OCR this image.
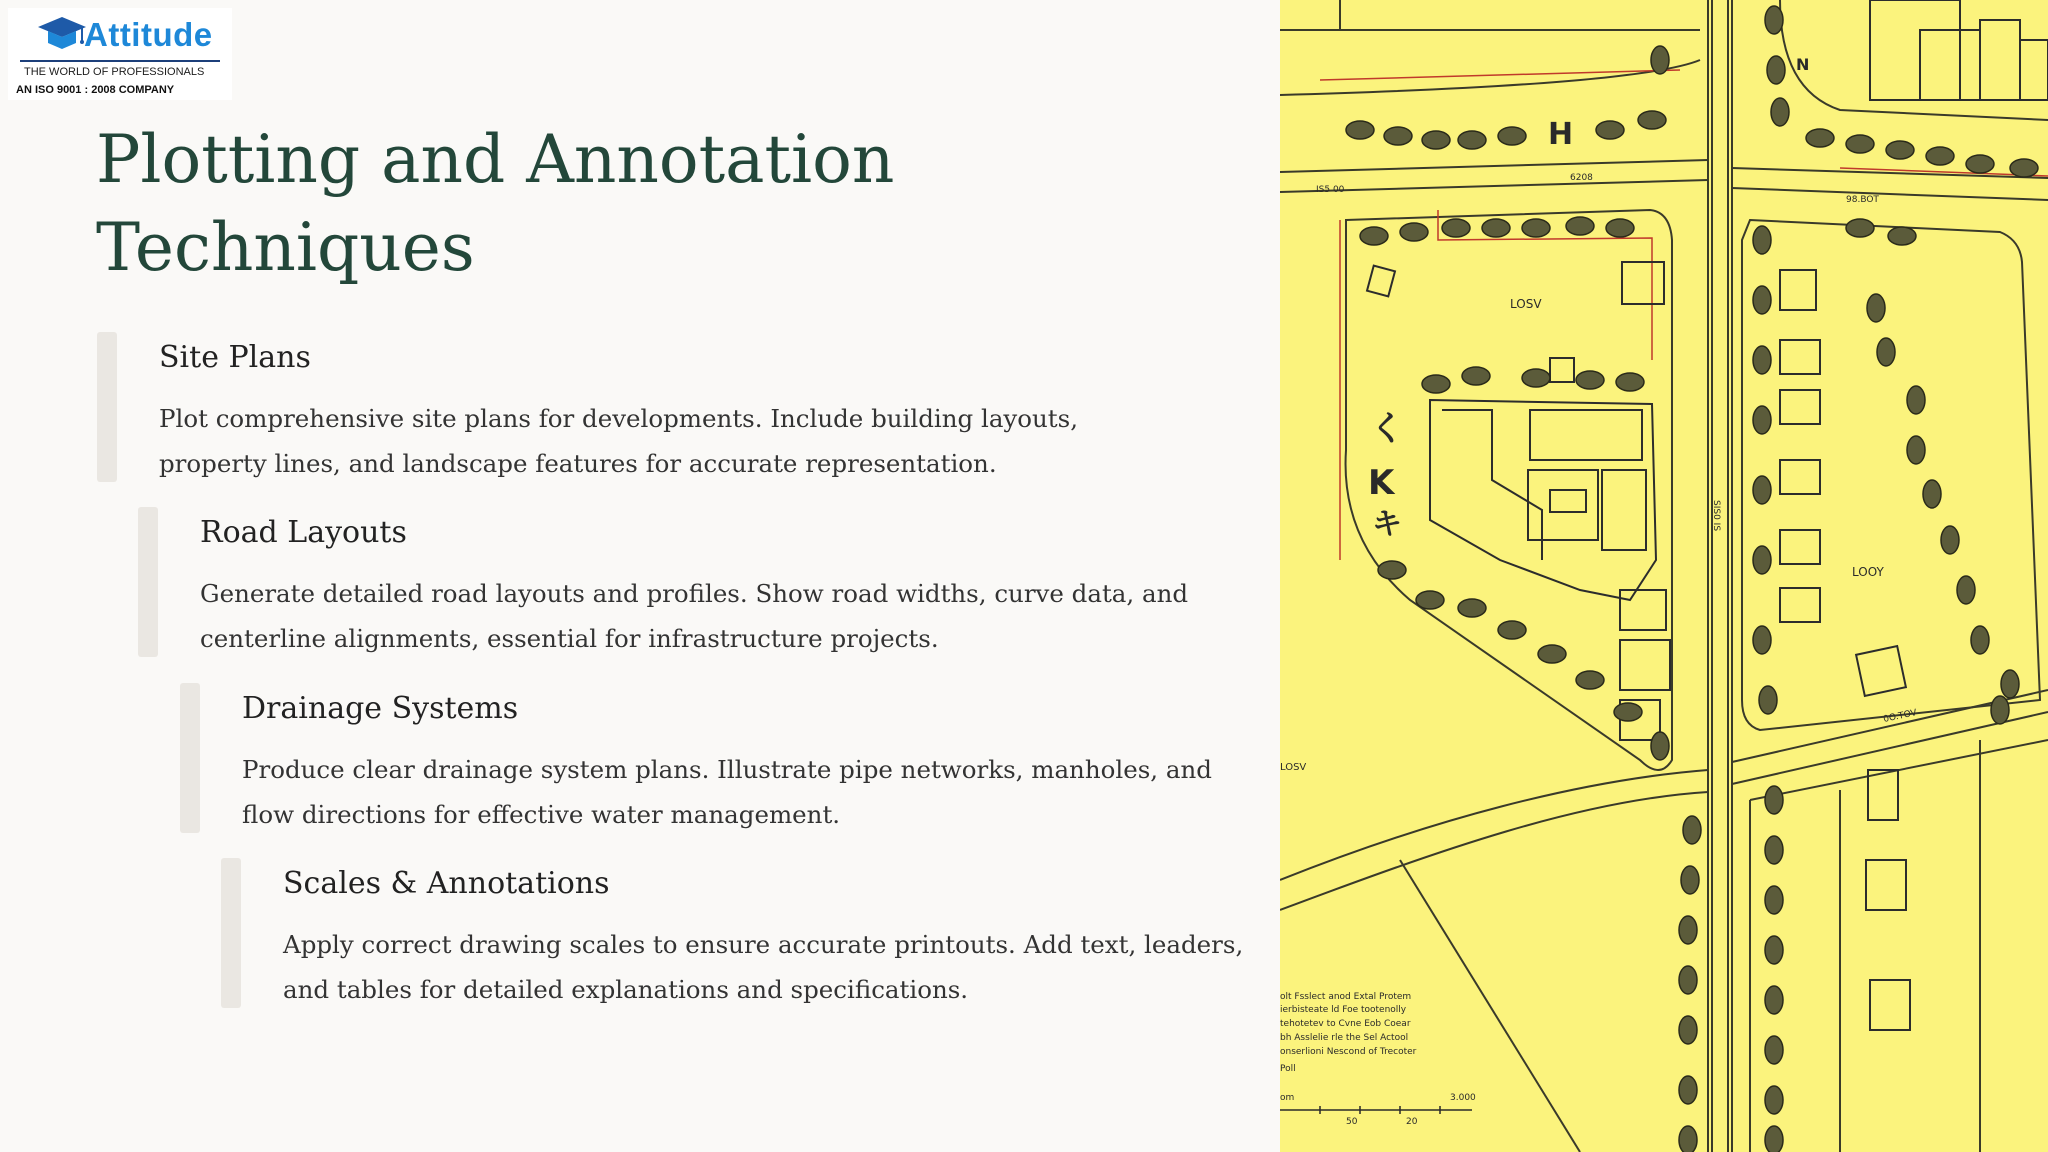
Attitude
THE WORLD OF PROFESSIONALS
AN ISO 9001 : 2008 COMPANY
Plotting and Annotation Techniques
Site Plans

Plot comprehensive site plans for developments. Include building layouts, property lines, and landscape features for accurate representation.

Road Layouts

Generate detailed road layouts and profiles. Show road widths, curve data, and centerline alignments, essential for infrastructure projects.

Drainage Systems

Produce clear drainage system plans. Illustrate pipe networks, manholes, and flow directions for effective water management.

Scales & Annotations

Apply correct drawing scales to ensure accurate printouts. Add text, leaders, and tables for detailed explanations and specifications.

N
LOSV
LOSV
LOOY
IS5 00
6208
98.BOT
0O.TOV
SIS0 IS
く
K
キ
H
olt Fsslect anod Extal Protem
ierbisteate ld Foe tootenolly
tehotetev to Cvne Eob Coear
bh Asslelie rle the Sel Actool
onserlioni Nescond of Trecoter
Poll
om	3.000
50	20
